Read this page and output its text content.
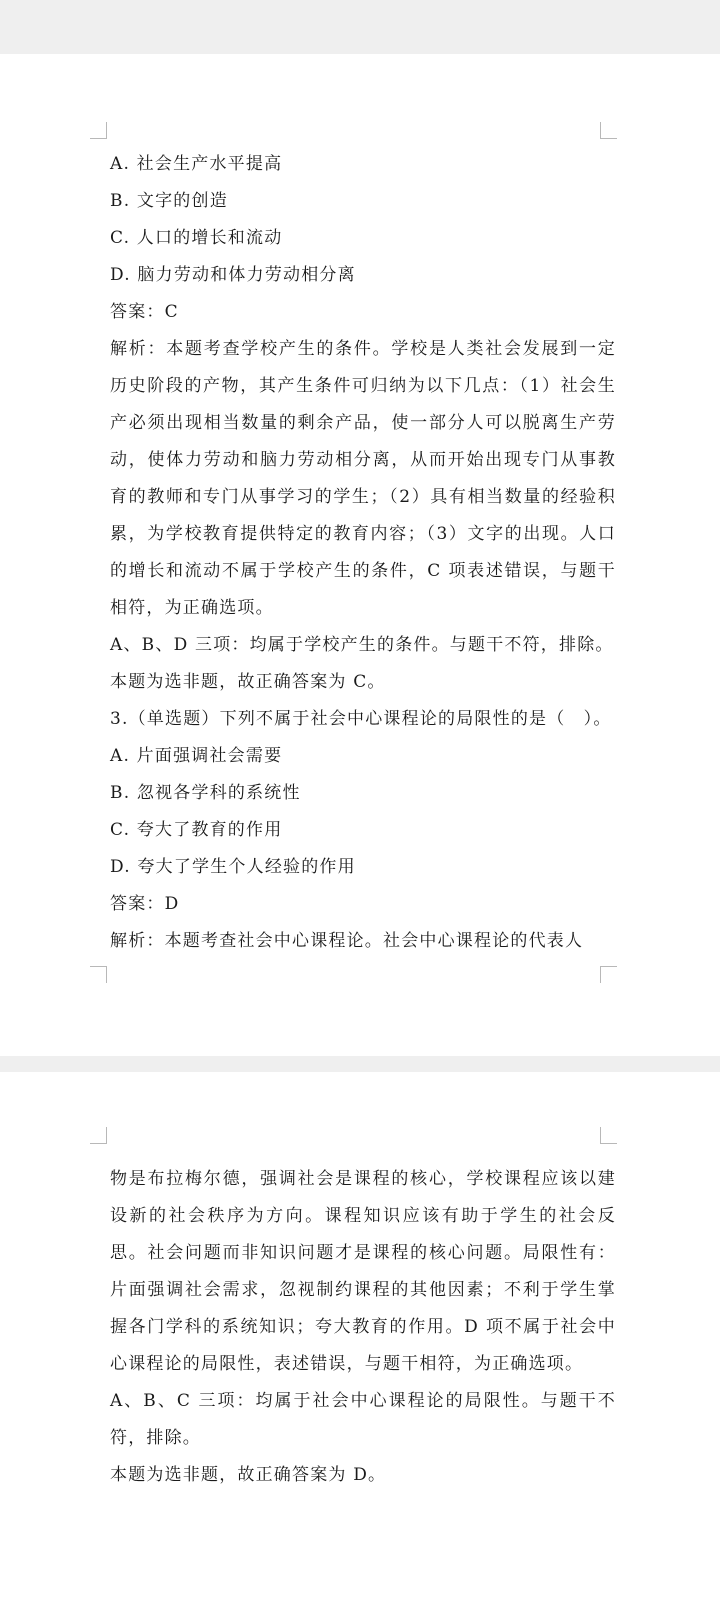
A. 社会生产水平提高

B. 文字的创造

C. 人口的增长和流动

D. 脑力劳动和体力劳动相分离

答案：C

解析：本题考查学校产生的条件。学校是人类社会发展到一定历史阶段的产物，其产生条件可归纳为以下几点：（1）社会生产必须出现相当数量的剩余产品，使一部分人可以脱离生产劳动，使体力劳动和脑力劳动相分离，从而开始出现专门从事教育的教师和专门从事学习的学生；（2）具有相当数量的经验积累，为学校教育提供特定的教育内容；（3）文字的出现。人口的增长和流动不属于学校产生的条件，C 项表述错误，与题干相符，为正确选项。

A、B、D 三项：均属于学校产生的条件。与题干不符，排除。

本题为选非题，故正确答案为 C。

3.（单选题）下列不属于社会中心课程论的局限性的是（　）。

A. 片面强调社会需要

B. 忽视各学科的系统性

C. 夸大了教育的作用

D. 夸大了学生个人经验的作用

答案：D

解析：本题考查社会中心课程论。社会中心课程论的代表人

物是布拉梅尔德，强调社会是课程的核心，学校课程应该以建设新的社会秩序为方向。课程知识应该有助于学生的社会反思。社会问题而非知识问题才是课程的核心问题。局限性有：片面强调社会需求，忽视制约课程的其他因素；不利于学生掌握各门学科的系统知识；夸大教育的作用。D 项不属于社会中心课程论的局限性，表述错误，与题干相符，为正确选项。

A、B、C 三项：均属于社会中心课程论的局限性。与题干不符，排除。

本题为选非题，故正确答案为 D。
